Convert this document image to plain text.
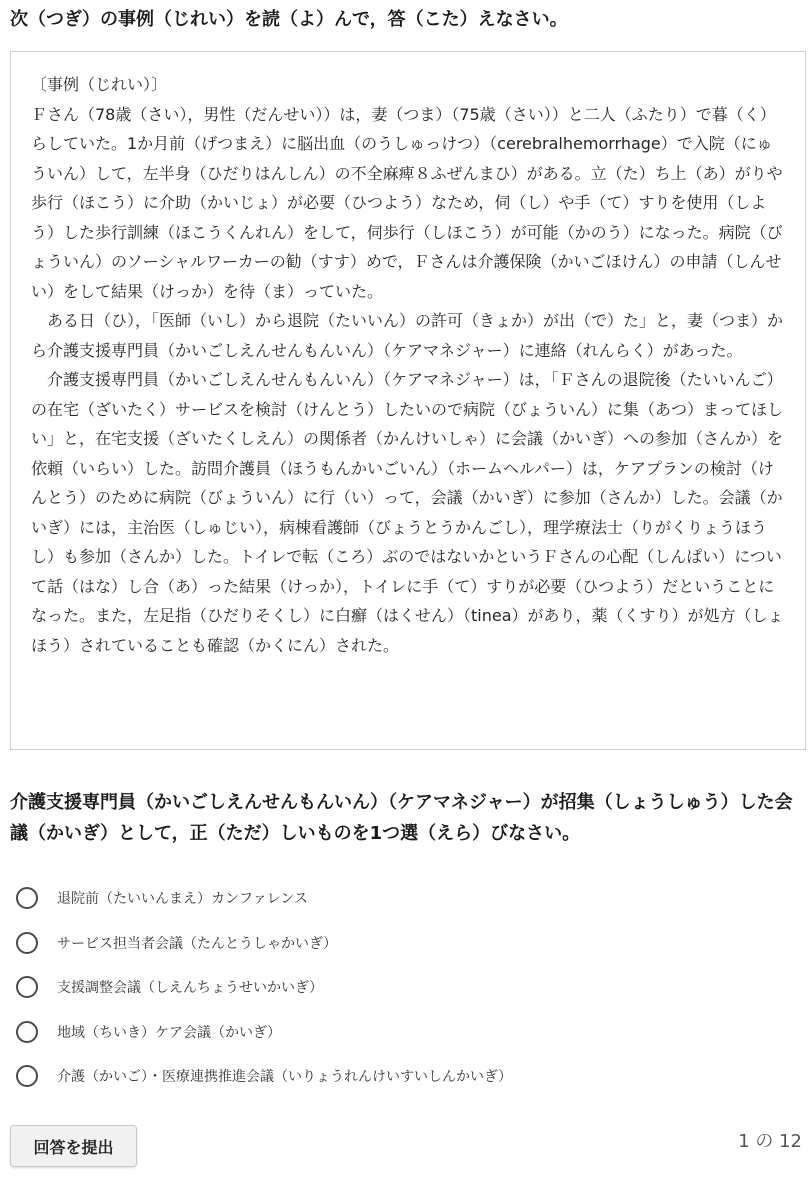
次（つぎ）の事例（じれい）を読（よ）んで，答（こた）えなさい。

〔事例（じれい）〕

Ｆさん（78歳（さい），男性（だんせい））は，妻（つま）（75歳（さい））と二人（ふたり）で暮（く）らしていた。1か月前（げつまえ）に脳出血（のうしゅっけつ）（cerebralhemorrhage）で入院（にゅういん）して，左半身（ひだりはんしん）の不全麻痺８ふぜんまひ）がある。立（た）ち上（あ）がりや歩行（ほこう）に介助（かいじょ）が必要（ひつよう）なため，伺（し）や手（て）すりを使用（しよう）した歩行訓練（ほこうくんれん）をして，伺歩行（しほこう）が可能（かのう）になった。病院（びょういん）のソーシャルワーカーの勧（すす）めで，Ｆさんは介護保険（かいごほけん）の申請（しんせい）をして結果（けっか）を待（ま）っていた。

ある日（ひ），「医師（いし）から退院（たいいん）の許可（きょか）が出（で）た」と，妻（つま）から介護支援専門員（かいごしえんせんもんいん）（ケアマネジャー）に連絡（れんらく）があった。

介護支援専門員（かいごしえんせんもんいん）（ケアマネジャー）は，「Ｆさんの退院後（たいいんご）の在宅（ざいたく）サービスを検討（けんとう）したいので病院（びょういん）に集（あつ）まってほしい」と，在宅支援（ざいたくしえん）の関係者（かんけいしゃ）に会議（かいぎ）への参加（さんか）を依頼（いらい）した。訪問介護員（ほうもんかいごいん）（ホームヘルパー）は，ケアプランの検討（けんとう）のために病院（びょういん）に行（い）って，会議（かいぎ）に参加（さんか）した。会議（かいぎ）には，主治医（しゅじい），病棟看護師（びょうとうかんごし），理学療法士（りがくりょうほうし）も参加（さんか）した。トイレで転（ころ）ぶのではないかというＦさんの心配（しんぱい）について話（はな）し合（あ）った結果（けっか），トイレに手（て）すりが必要（ひつよう）だということになった。また，左足指（ひだりそくし）に白癬（はくせん）（tinea）があり，薬（くすり）が処方（しょほう）されていることも確認（かくにん）された。

介護支援専門員（かいごしえんせんもんいん）（ケアマネジャー）が招集（しょうしゅう）した会議（かいぎ）として，正（ただ）しいものを1つ選（えら）びなさい。
退院前（たいいんまえ）カンファレンス
サービス担当者会議（たんとうしゃかいぎ）
支援調整会議（しえんちょうせいかいぎ）
地域（ちいき）ケア会議（かいぎ）
介護（かいご）・医療連携推進会議（いりょうれんけいすいしんかいぎ）
回答を提出	1 の 12
